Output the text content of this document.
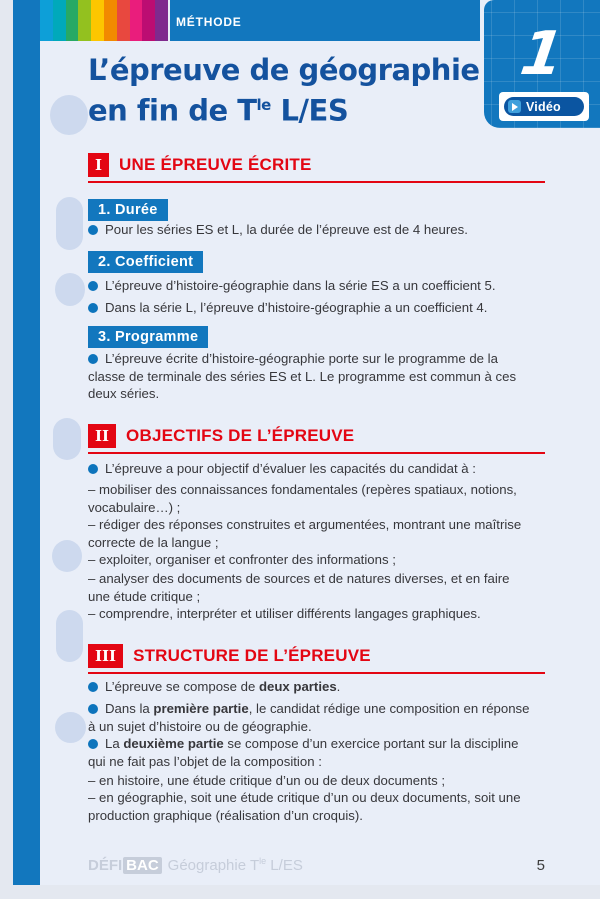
MÉTHODE	1
Vidéo
L’épreuve de géographie
en fin de $T^{le}$ L/ES
I	UNE ÉPREUVE ÉCRITE
II	OBJECTIFS DE L’ÉPREUVE
III	STRUCTURE DE L’ÉPREUVE
1. Durée
2. Coefficient
3. Programme
Pour les séries ES et L, la durée de l’épreuve est de 4 heures.
L’épreuve d’histoire-géographie dans la série ES a un coefficient 5.
Dans la série L, l’épreuve d’histoire-géographie a un coefficient 4.
L’épreuve écrite d’histoire-géographie porte sur le programme de la
classe de terminale des séries ES et L. Le programme est commun à ces
deux séries.
L’épreuve a pour objectif d’évaluer les capacités du candidat à :
– mobiliser des connaissances fondamentales (repères spatiaux, notions,
vocabulaire…) ;
– rédiger des réponses construites et argumentées, montrant une maîtrise
correcte de la langue ;
– exploiter, organiser et confronter des informations ;
– analyser des documents de sources et de natures diverses, et en faire
une étude critique ;
– comprendre, interpréter et utiliser différents langages graphiques.
L’épreuve se compose de deux parties.
Dans la première partie, le candidat rédige une composition en réponse
à un sujet d’histoire ou de géographie.
La deuxième partie se compose d’un exercice portant sur la discipline
qui ne fait pas l’objet de la composition :
– en histoire, une étude critique d’un ou de deux documents ;
– en géographie, soit une étude critique d’un ou deux documents, soit une
production graphique (réalisation d’un croquis).
DÉFI BAC Géographie $T^{le}$ L/ES	5
